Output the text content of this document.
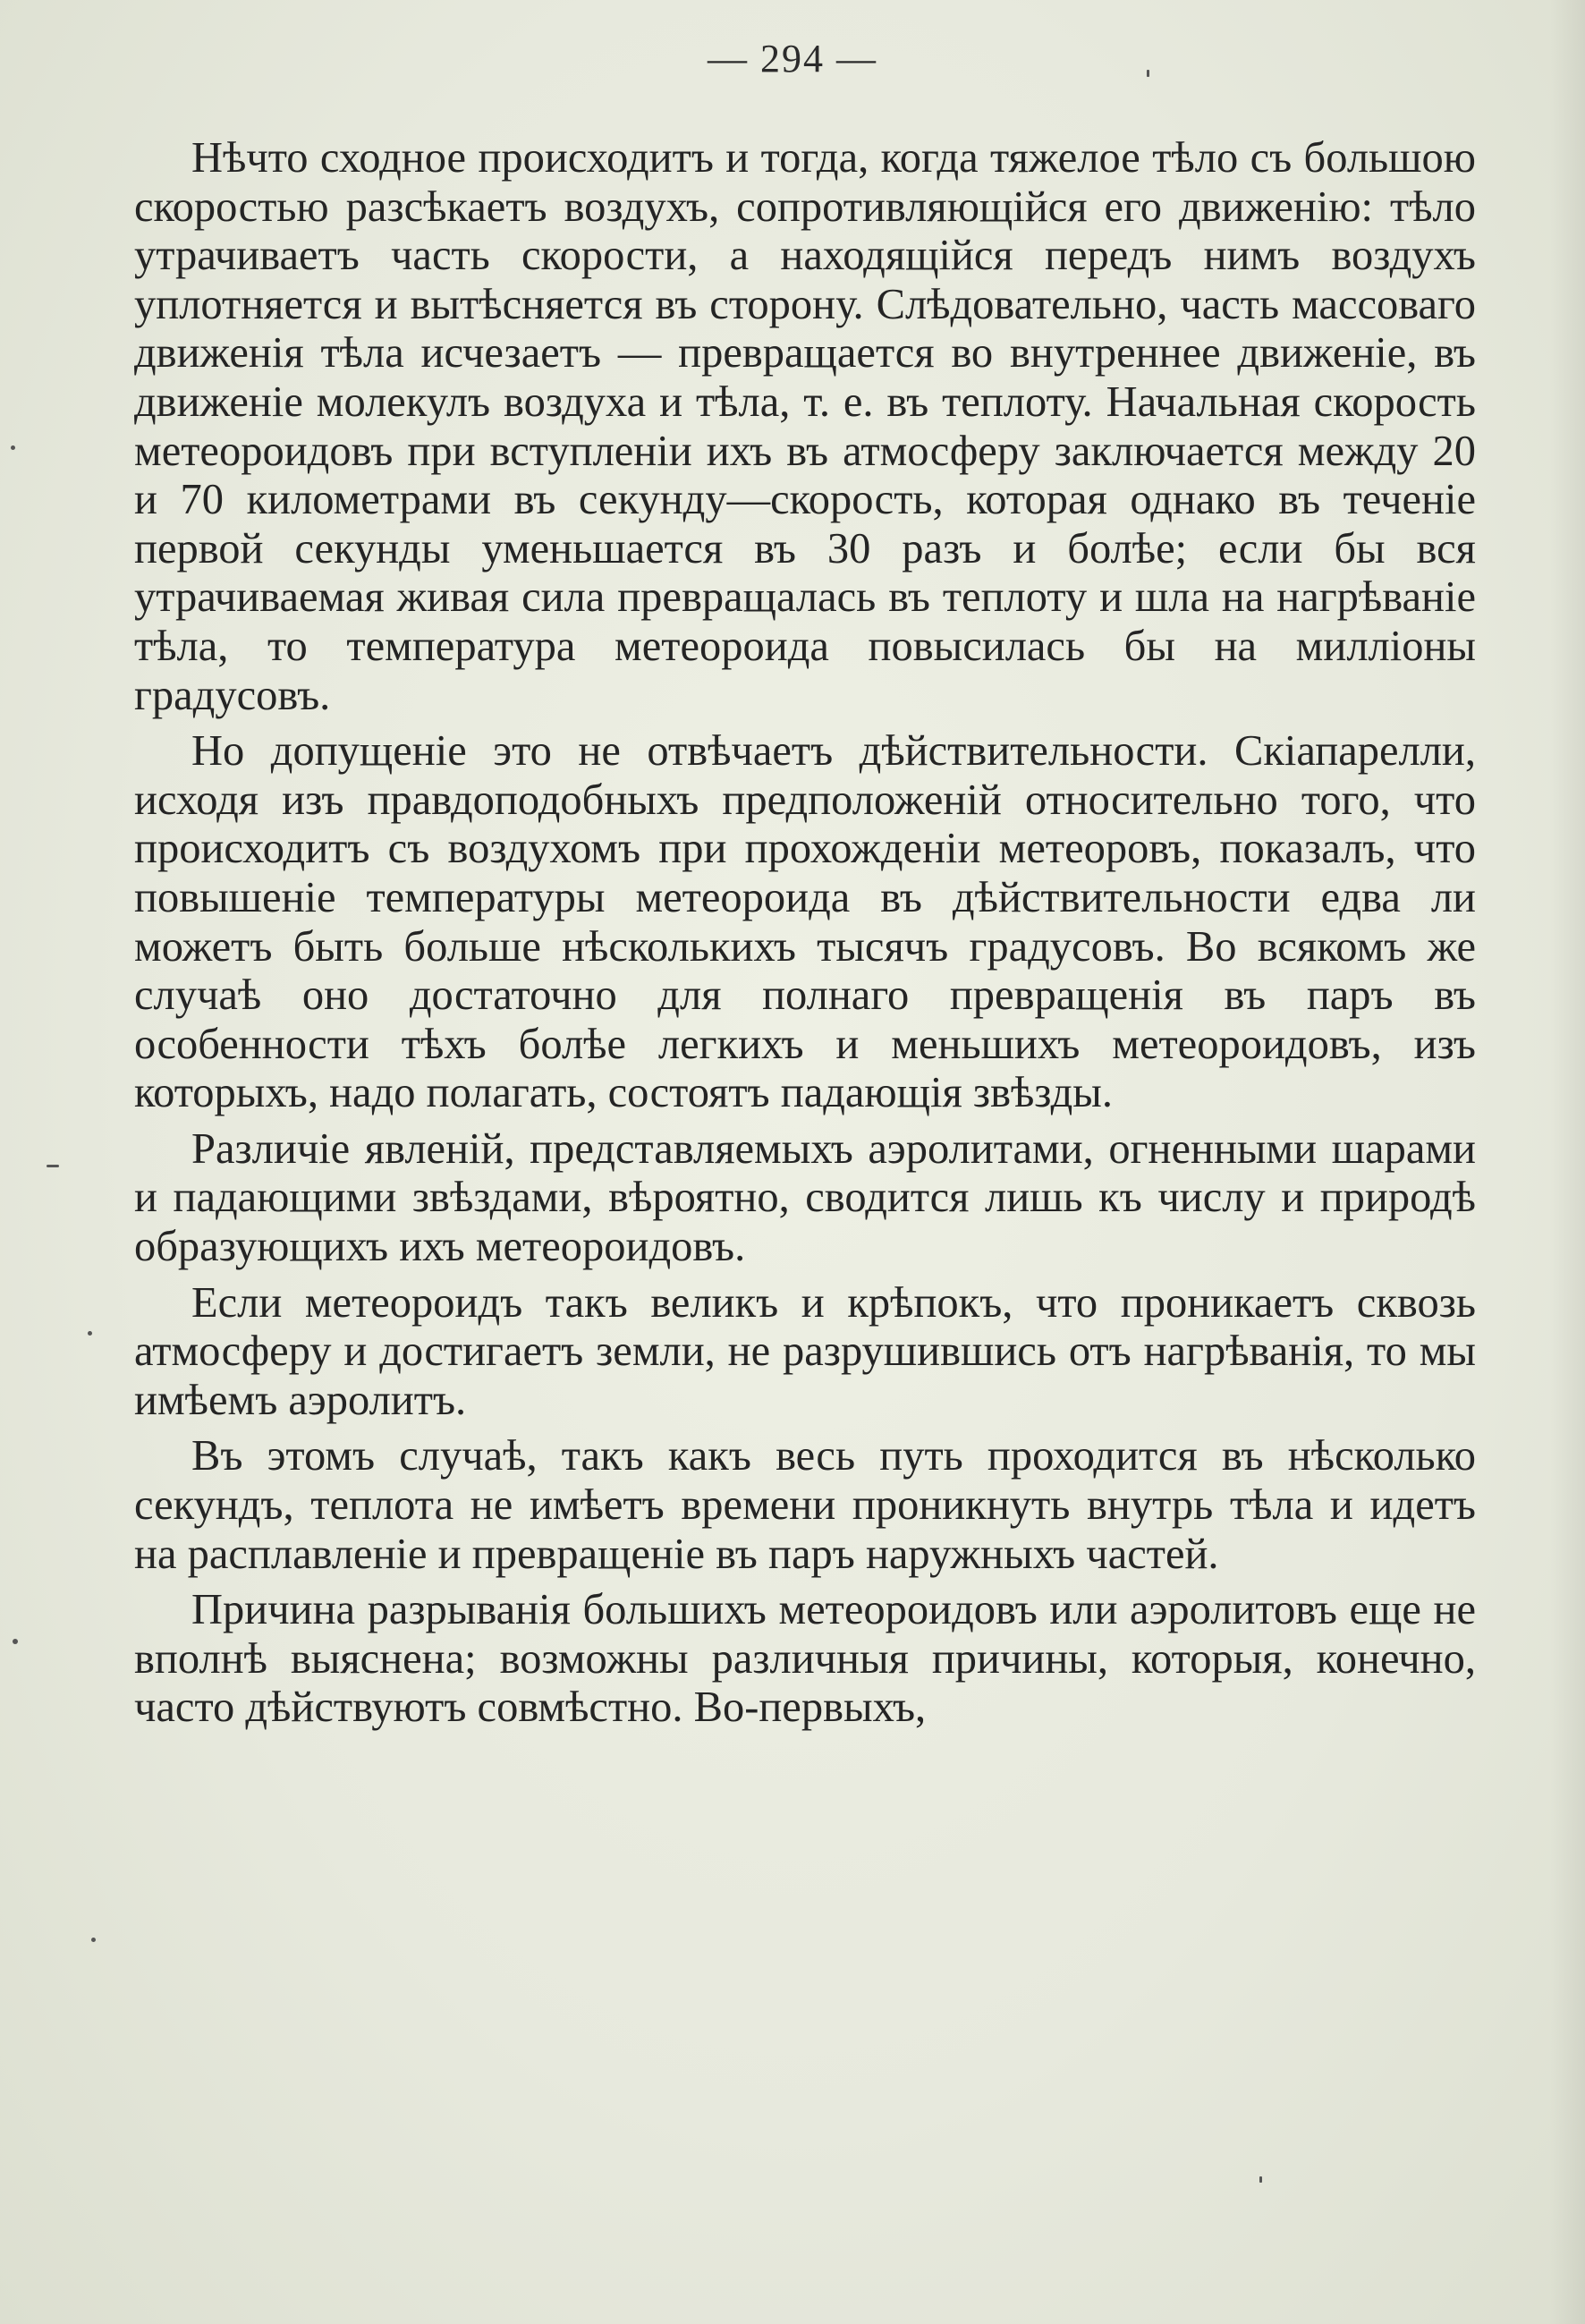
— 294 —

Нѣчто сходное происходитъ и тогда, когда тяжелое тѣло съ большою скоростью разсѣкаетъ воздухъ, сопротивляющійся его движенію: тѣло утрачиваетъ часть скорости, а находящійся передъ нимъ воздухъ уплотняется и вытѣсняется въ сторону. Слѣдовательно, часть массоваго движенія тѣла исчезаетъ — превращается во внутреннее движеніе, въ движеніе молекулъ воздуха и тѣла, т. е. въ теплоту. Начальная скорость метеороидовъ при вступленіи ихъ въ атмосферу заключается между 20 и 70 километрами въ секунду—скорость, которая однако въ теченіе первой секунды уменьшается въ 30 разъ и болѣе; если бы вся утрачиваемая живая сила превращалась въ теплоту и шла на нагрѣваніе тѣла, то температура метеороида повысилась бы на милліоны градусовъ.

Но допущеніе это не отвѣчаетъ дѣйствительности. Скіапарелли, исходя изъ правдоподобныхъ предположеній относительно того, что происходитъ съ воздухомъ при прохожденіи метеоровъ, показалъ, что повышеніе температуры метеороида въ дѣйствительности едва ли можетъ быть больше нѣсколькихъ тысячъ градусовъ. Во всякомъ же случаѣ оно достаточно для полнаго превращенія въ паръ въ особенности тѣхъ болѣе легкихъ и меньшихъ метеороидовъ, изъ которыхъ, надо полагать, состоятъ падающія звѣзды.

Различіе явленій, представляемыхъ аэролитами, огненными шарами и падающими звѣздами, вѣроятно, сводится лишь къ числу и природѣ образующихъ ихъ метеороидовъ.

Если метеороидъ такъ великъ и крѣпокъ, что проникаетъ сквозь атмосферу и достигаетъ земли, не разрушившись отъ нагрѣванія, то мы имѣемъ аэролитъ.

Въ этомъ случаѣ, такъ какъ весь путь проходится въ нѣсколько секундъ, теплота не имѣетъ времени проникнуть внутрь тѣла и идетъ на расплавленіе и превращеніе въ паръ наружныхъ частей.

Причина разрыванія большихъ метеороидовъ или аэролитовъ еще не вполнѣ выяснена; возможны различныя причины, которыя, конечно, часто дѣйствуютъ совмѣстно. Во-первыхъ,
